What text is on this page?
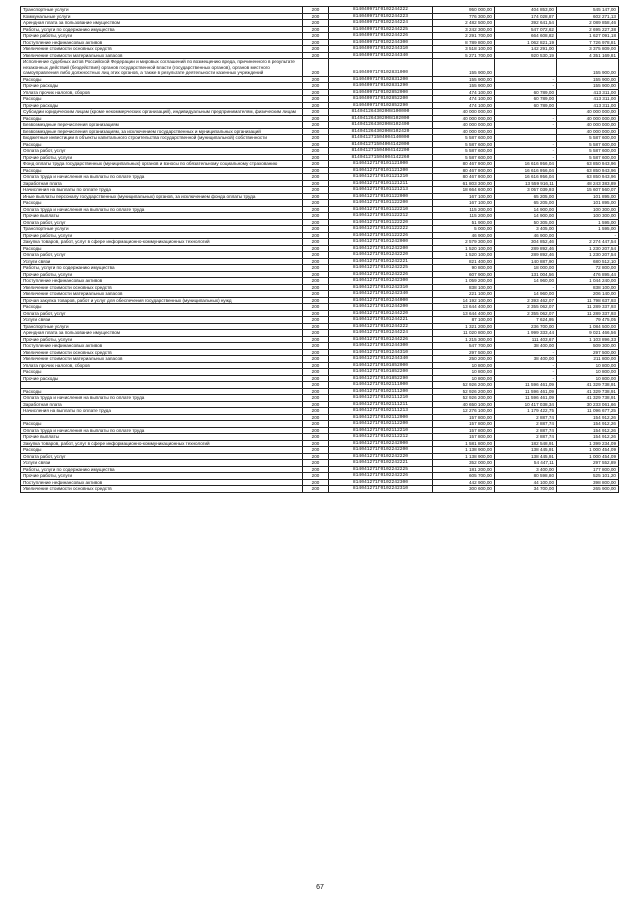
Транспортные услуги	200	814040971Г0102244222	950 000,00	404 853,00	545 147,00
Коммунальные услуги	200	814040971Г0102244223	776 300,00	174 028,87	602 271,13
Арендная плата за пользование имуществом	200	814040971Г0102244224	2 482 500,00	392 641,54	2 089 858,46
Работы, услуги по содержанию имущества	200	814040971Г0102244225	3 242 300,00	547 072,62	2 695 227,38
Прочие работы, услуги	200	814040971Г0102244226	2 291 700,00	664 608,82	1 627 091,18
Поступление нефинансовых активов	200	814040971Г0102244300	8 789 800,00	1 062 821,19	7 726 978,81
Увеличение стоимости основных средств	200	814040971Г0102244310	3 518 100,00	142 291,00	3 375 809,00
Увеличение стоимости материальных запасов	200	814040971Г0102244340	5 271 700,00	920 530,19	4 351 169,81
Исполнение судебных актов Российской Федерации и мировых соглашений по возмещению вреда, причиненного в результате незаконных действий (бездействия) органов государственной власти (государственных органов), органов местного самоуправления либо должностных лиц этих органов, а также в результате деятельности казенных учреждений	200	814040971Г0102831000	155 900,00		155 900,00
Расходы	200	814040971Г0102831200	155 900,00	-	155 900,00
Прочие расходы	200	814040971Г0102831290	155 900,00	-	155 900,00
Уплата прочих налогов, сборов	200	814040971Г0102852000	474 100,00	60 789,00	413 311,00
Расходы	200	814040971Г0102852200	474 100,00	60 789,00	413 311,00
Прочие расходы	200	814040971Г0102852290	474 100,00	60 789,00	413 311,00
Субсидии юридическим лицам (кроме некоммерческих организаций), индивидуальным предпринимателям, физическим лицам	200	814041264302008100000	40 000 000,00		40 000 000,00
Расходы	200	814041264302008102000	40 000 000,00	-	40 000 000,00
Безвозмездные перечисления организациям	200	814041264302008102400	40 000 000,00	-	40 000 000,00
Безвозмездные перечисления организациям, за исключением государственных и муниципальных организаций	200	814041264302008102420	40 000 000,00		40 000 000,00
Бюджетные инвестиции в объекты капитального строительства государственной (муниципальной) собственности	200	814041271504004140000	5 587 600,00		5 587 600,00
Расходы	200	814041271504004142000	5 587 600,00	-	5 587 600,00
Оплата работ, услуг	200	814041271504004142200	5 587 600,00	-	5 587 600,00
Прочие работы, услуги	200	814041271504004142260	5 587 600,00	-	5 587 600,00
Фонд оплаты труда государственных (муниципальных) органов и взносы по обязательному социальному страхованию	200	814041271Г0101121000	80 467 900,00	16 616 956,04	63 850 943,96
Расходы	200	814041271Г0101121200	80 467 900,00	16 616 956,04	63 850 943,96
Оплата труда и начисления на выплаты по оплате труда	200	814041271Г0101121210	80 467 900,00	16 616 956,04	63 850 943,96
Заработная плата	200	814041271Г0101121211	61 803 300,00	13 559 916,11	48 243 383,89
Начисления на выплаты по оплате труда	200	814041271Г0101121213	18 664 600,00	3 057 039,93	15 607 560,07
Иные выплаты персоналу государственных (муниципальных) органов, за исключением фонда оплаты труда	200	814041271Г0101122000	167 100,00	65 205,00	101 895,00
Расходы	200	814041271Г0101122200	167 100,00	65 205,00	101 895,00
Оплата труда и начисления на выплаты по оплате труда	200	814041271Г0101122210	115 200,00	14 900,00	100 300,00
Прочие выплаты	200	814041271Г0101122212	115 200,00	14 900,00	100 300,00
Оплата работ, услуг	200	814041271Г0101122220	51 900,00	50 305,00	1 595,00
Транспортные услуги	200	814041271Г0101122222	5 000,00	3 405,00	1 595,00
Прочие работы, услуги	200	814041271Г0101122226	46 900,00	46 900,00	-
Закупка товаров, работ, услуг в сфере информационно-коммуникационных технологий	200	814041271Г0101242000	2 579 300,00	304 852,46	2 274 447,54
Расходы	200	814041271Г0101242200	1 520 100,00	289 892,46	1 230 207,54
Оплата работ, услуг	200	814041271Г0101242220	1 520 100,00	289 892,46	1 230 207,54
Услуги связи	200	814041271Г0101242221	821 400,00	140 887,90	680 512,10
Работы, услуги по содержанию имущества	200	814041271Г0101242225	90 800,00	18 000,00	72 800,00
Прочие работы, услуги	200	814041271Г0101242226	607 900,00	131 004,56	476 895,44
Поступление нефинансовых активов	200	814041271Г0101242300	1 059 200,00	14 960,00	1 044 240,00
Увеличение стоимости основных средств	200	814041271Г0101242310	838 100,00	-	838 100,00
Увеличение стоимости материальных запасов	200	814041271Г0101242340	221 100,00	14 960,00	206 140,00
Прочая закупка товаров, работ и услуг для обеспечения государственных (муниципальных) нужд	200	814041271Г0101244000	14 192 100,00	2 393 462,07	11 798 637,93
Расходы	200	814041271Г0101244200	13 644 400,00	2 355 062,07	11 289 337,93
Оплата работ, услуг	200	814041271Г0101244220	13 644 400,00	2 355 062,07	11 289 337,93
Услуги связи	200	814041271Г0101244221	87 100,00	7 624,95	79 475,05
Транспортные услуги	200	814041271Г0101244222	1 321 200,00	236 700,00	1 084 500,00
Арендная плата за пользование имуществом	200	814041271Г0101244224	11 020 800,00	1 999 333,44	9 021 466,56
Прочие работы, услуги	200	814041271Г0101244226	1 215 300,00	111 403,67	1 103 896,33
Поступление нефинансовых активов	200	814041271Г0101244300	547 700,00	38 400,00	509 300,00
Увеличение стоимости основных средств	200	814041271Г0101244310	297 500,00	-	297 500,00
Увеличение стоимости материальных запасов	200	814041271Г0101244340	250 200,00	38 400,00	211 800,00
Уплата прочих налогов, сборов	200	814041271Г0101852000	10 800,00	-	10 800,00
Расходы	200	814041271Г0101852200	10 800,00	-	10 800,00
Прочие расходы	200	814041271Г0101852290	10 800,00	-	10 800,00
	200	814041271Г0102111000	52 926 200,00	11 596 461,09	41 329 738,91
Расходы	200	814041271Г0102111200	52 926 200,00	11 596 461,09	41 329 738,91
Оплата труда и начисления на выплаты по оплате труда	200	814041271Г0102111210	52 926 200,00	11 596 461,09	41 329 738,91
Заработная плата	200	814041271Г0102111211	40 650 100,00	10 417 038,34	30 233 061,66
Начисления на выплаты по оплате труда	200	814041271Г0102111213	12 276 100,00	1 179 422,75	11 096 677,25
	200	814041271Г0102112000	157 800,00	2 887,74	154 912,26
Расходы	200	814041271Г0102112200	157 800,00	2 887,74	154 912,26
Оплата труда и начисления на выплаты по оплате труда	200	814041271Г0102112210	157 800,00	2 887,74	154 912,26
Прочие выплаты	200	814041271Г0102112212	157 800,00	2 887,74	154 912,26
Закупка товаров, работ, услуг в сфере информационно-коммуникационных технологий	200	814041271Г0102242000	1 581 800,00	182 548,91	1 399 234,09
Расходы	200	814041271Г0102242200	1 138 900,00	138 445,91	1 000 454,09
Оплата работ, услуг	200	814041271Г0102242220	1 138 900,00	138 445,91	1 000 454,09
Услуги связи	200	814041271Г0102242221	352 000,00	54 447,11	297 552,89
Работы, услуги по содержанию имущества	200	814041271Г0102242225	181 200,00	3 400,00	177 800,00
Прочие работы, услуги	200	814041271Г0102242226	605 700,00	80 598,80	525 101,20
Поступление нефинансовых активов	200	814041271Г0102242300	442 900,00	44 100,00	398 800,00
Увеличение стоимости основных средств	200	814041271Г0102242310	300 600,00	34 700,00	265 900,00
67
